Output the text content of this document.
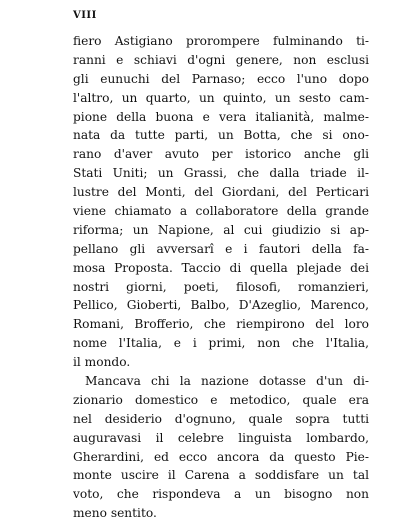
VIII
fiero Astigiano prorompere fulminando ti-
ranni e schiavi d'ogni genere, non esclusi
gli eunuchi del Parnaso; ecco l'uno dopo
l'altro, un quarto, un quinto, un sesto cam-
pione della buona e vera italianità, malme-
nata da tutte parti, un Botta, che si ono-
rano d'aver avuto per istorico anche gli
Stati Uniti; un Grassi, che dalla triade il-
lustre del Monti, del Giordani, del Perticari
viene chiamato a collaboratore della grande
riforma; un Napione, al cui giudizio si ap-
pellano gli avversarî e i fautori della fa-
mosa Proposta. Taccio di quella plejade dei
nostri giorni, poeti, filosofi, romanzieri,
Pellico, Gioberti, Balbo, D'Azeglio, Marenco,
Romani, Brofferio, che riempirono del loro
nome l'Italia, e i primi, non che l'Italia,
il mondo.
Mancava chi la nazione dotasse d'un di-
zionario domestico e metodico, quale era
nel desiderio d'ognuno, quale sopra tutti
auguravasi il celebre linguista lombardo,
Gherardini, ed ecco ancora da questo Pie-
monte uscire il Carena a soddisfare un tal
voto, che rispondeva a un bisogno non
meno sentito.
